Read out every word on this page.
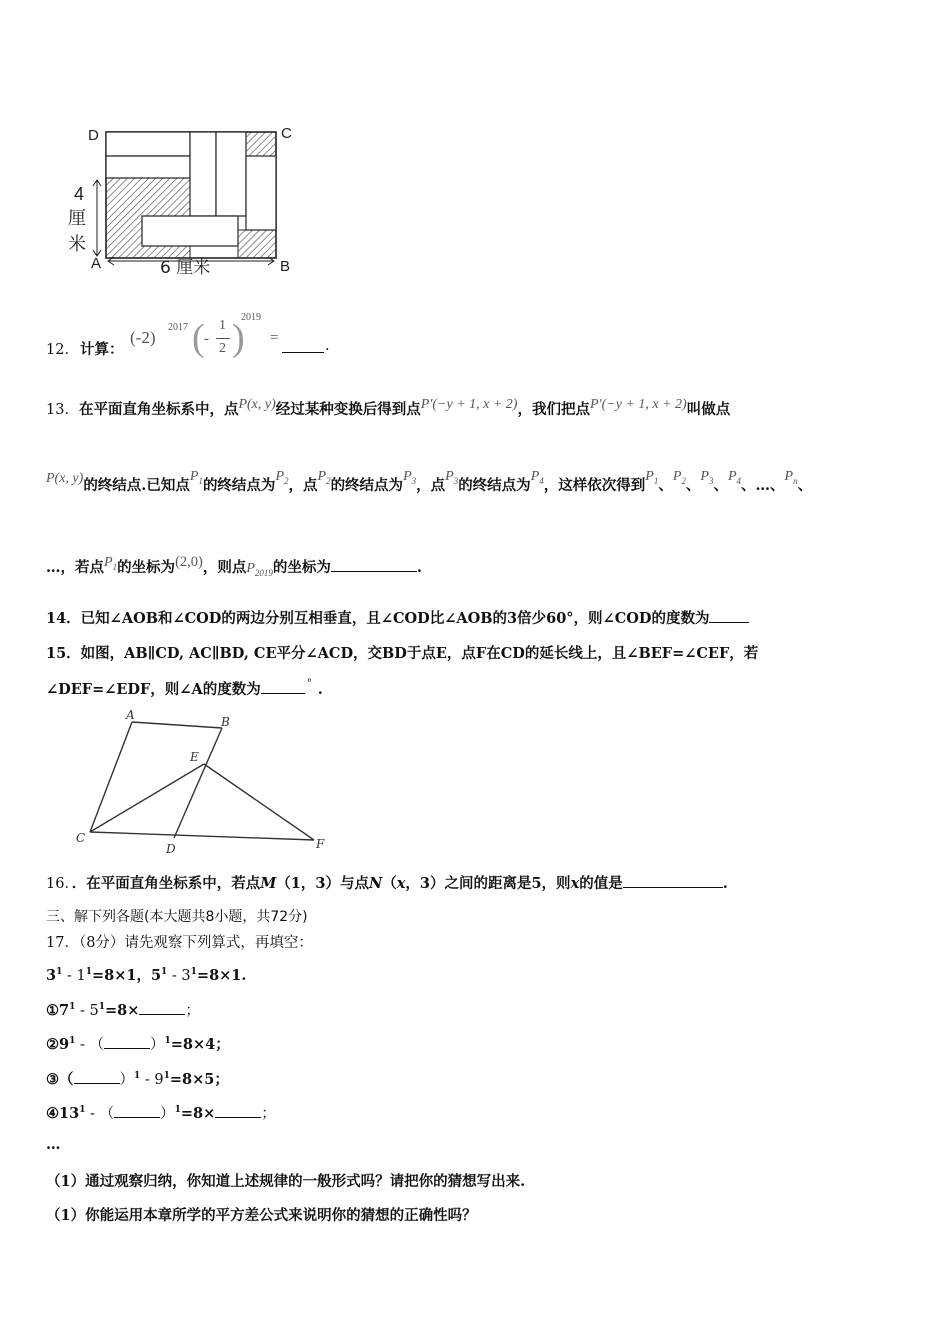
D	C
A	B
4
厘
米
6 厘米
12． 计算：
(-2)
2017 ( -
1
2 )
2019
=	.
13．在平面直角坐标系中，点P(x, y)经过某种变换后得到点P′(−y + 1, x + 2)，我们把点P′(−y + 1, x + 2)叫做点
P(x, y)的终结点.已知点$P_1$的终结点为$P_2$，点$P_2$的终结点为$P_3$，点$P_3$的终结点为$P_4$，这样依次得到$P_1$、$P_2$、$P_3$、$P_4$、…、$P_n$、
…，若点$P_1$的坐标为(2,0)，则点$P_{2019}$的坐标为	.
14．已知∠AOB和∠COD的两边分别互相垂直，且∠COD比∠AOB的3倍少60°，则∠COD的度数为
15．如图，AB∥CD, AC∥BD, CE平分∠ACD，交BD于点E，点F在CD的延长线上，且∠BEF=∠CEF，若
∠DEF=∠EDF，则∠A的度数为	° .
A	B
E
C
D	F
16．．在平面直角坐标系中，若点M（1，3）与点N（x，3）之间的距离是5，则x的值是	.
三、解下列各题(本大题共8小题，共72分)
17．（8分）请先观察下列算式，再填空：
$3^1 - 1^1=8\times 1$，$5^1 - 3^1=8\times 1$.
$①7^1 - 5^1=8\times$	；
$②9^1$ - （	）$^1$=8×4；
③（	）$^1 - 9^1=8\times 5$；
$④13^1$ - （	）$^1$=8×	；
…
（1）通过观察归纳，你知道上述规律的一般形式吗？请把你的猜想写出来.
（1）你能运用本章所学的平方差公式来说明你的猜想的正确性吗？
